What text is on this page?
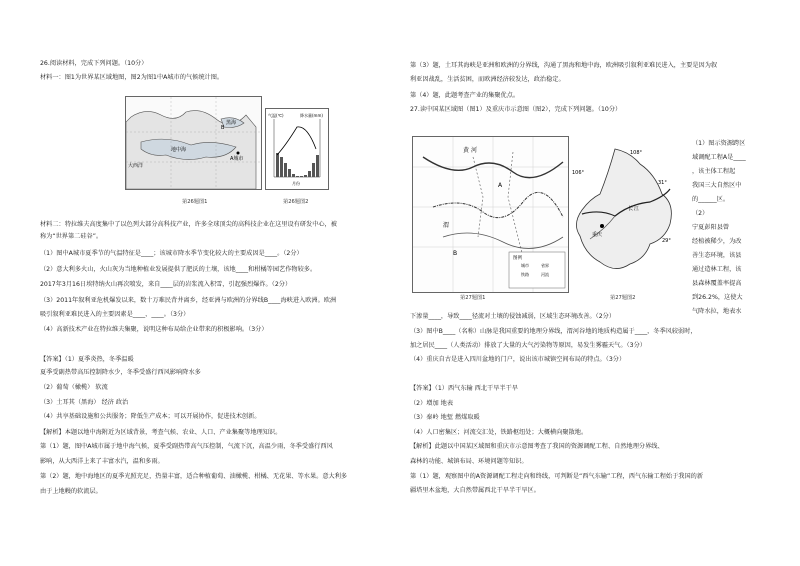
26.阅读材料，完成下列问题。（10分）
材料一：图1为世界某区域地图，图2为图1中A城市的气候统计图。
A城市
B
地中海
大西洋
黑海
气温(℃)	降水量(mm)
月份
第26题图1	第26题图2
材料二：特拉维夫高度集中了以色列大部分高科技产业，许多全球顶尖的高科技企业在这里设有研发中心，被
称为“世界第二硅谷”。
（1）图中A城市夏季节的气温特征是____；该城市降水季节变化较大的主要成因是____。（2分）
（2）意大利多火山，火山灰为当地种植业发展提供了肥沃的土壤，该地____和柑橘等园艺作物较多。
2017年3月16日埃特纳火山再次喷发，来自____层的岩浆流入积雪，引起强烈爆炸。（2分）
（3）2011年叙利亚危机爆发以来，数十万难民背井离乡，经亚洲与欧洲的分界线B____海峡进入欧洲。欧洲
吸引叙利亚难民进入的主要因素是____、____。（3分）
（4）高新技术产业在特拉维夫集聚，说明这种布局给企业带来的积极影响。（3分）
【答案】（1）夏季炎热，冬季温暖
夏季受副热带高压控制降水少，冬季受盛行西风影响降水多
（2）葡萄（橄榄） 软流
（3）土耳其（黑海） 经济 政治
（4）共享基础设施和公共服务；降低生产成本；可以开展协作，促进技术创新。
【解析】本题以地中海附近为区域背景，考查气候、农业、人口、产业集聚等地理知识。
第（1）题，图中A城市属于地中海气候，夏季受副热带高气压控制，气流下沉，高温少雨，冬季受盛行西风
影响，从大西洋上来了丰富水汽，温和多雨。
第（2）题，地中海地区的夏季光照充足，热量丰富，适合种植葡萄、油橄榄、柑橘、无花果、等水果。意大利多
由于上地幔的软流层。
第（3）题，土耳其海峡是亚洲和欧洲的分界线，沟通了黑海和地中海，欧洲吸引叙利亚难民进入，主要是因为叙
利亚因战乱，生活贫困，而欧洲经济较发达，政治稳定。
第（4）题，此题考查产业的集聚优点。
27.读中国某区域图（图1）及重庆市示意图（图2），完成下列问题。（10分）
图例
城市	省界
铁路	河流
黄 河
渭
A
B
108°
106°
31°
29°
重庆
长 江
第27题图1	第27题图2
（1）图示资源跨区
域调配工程A是____
，该主体工程起
我国三大自然区中
的______区。
（2）
宁夏彭阳县曾
经植被稀少，为改
善生态环境，该县
通过造林工程，该
县森林覆盖率提高
到26.2%，这使大
气降水拉，地表水
下渗量____，导致____径流对土壤的侵蚀减弱，区域生态环境改善。（2分）
（3）图中B____（名称）山脉是我国重要的地理分界线，渭河谷地的地质构造属于____，冬季风较弱时，
加之居民____（人类活动）排放了大量的大气污染物等原因，易发生雾霾天气。（3分）
（4）重庆自古是进入四川盆地的门户，说出该市城镇空间布局的特点。（3分）
【答案】（1）西气东输 西北干旱半干旱
（2）增加 地表
（3）秦岭 地堑 燃煤取暖
（4）人口密集区；河流交汇处，铁路枢纽处；大概横向聚散地。
【解析】此题以中国某区域图和重庆市示意图考查了我国的资源调配工程、自然地理分界线、
森林的功能、城镇布局、环境问题等知识。
第（1）题，观察图中的A资源调配工程走向和终线，可判断是“西气东输”工程，西气东输工程始于我国的新
疆塔里木盆地，大自然带属西北干旱半干旱区。
